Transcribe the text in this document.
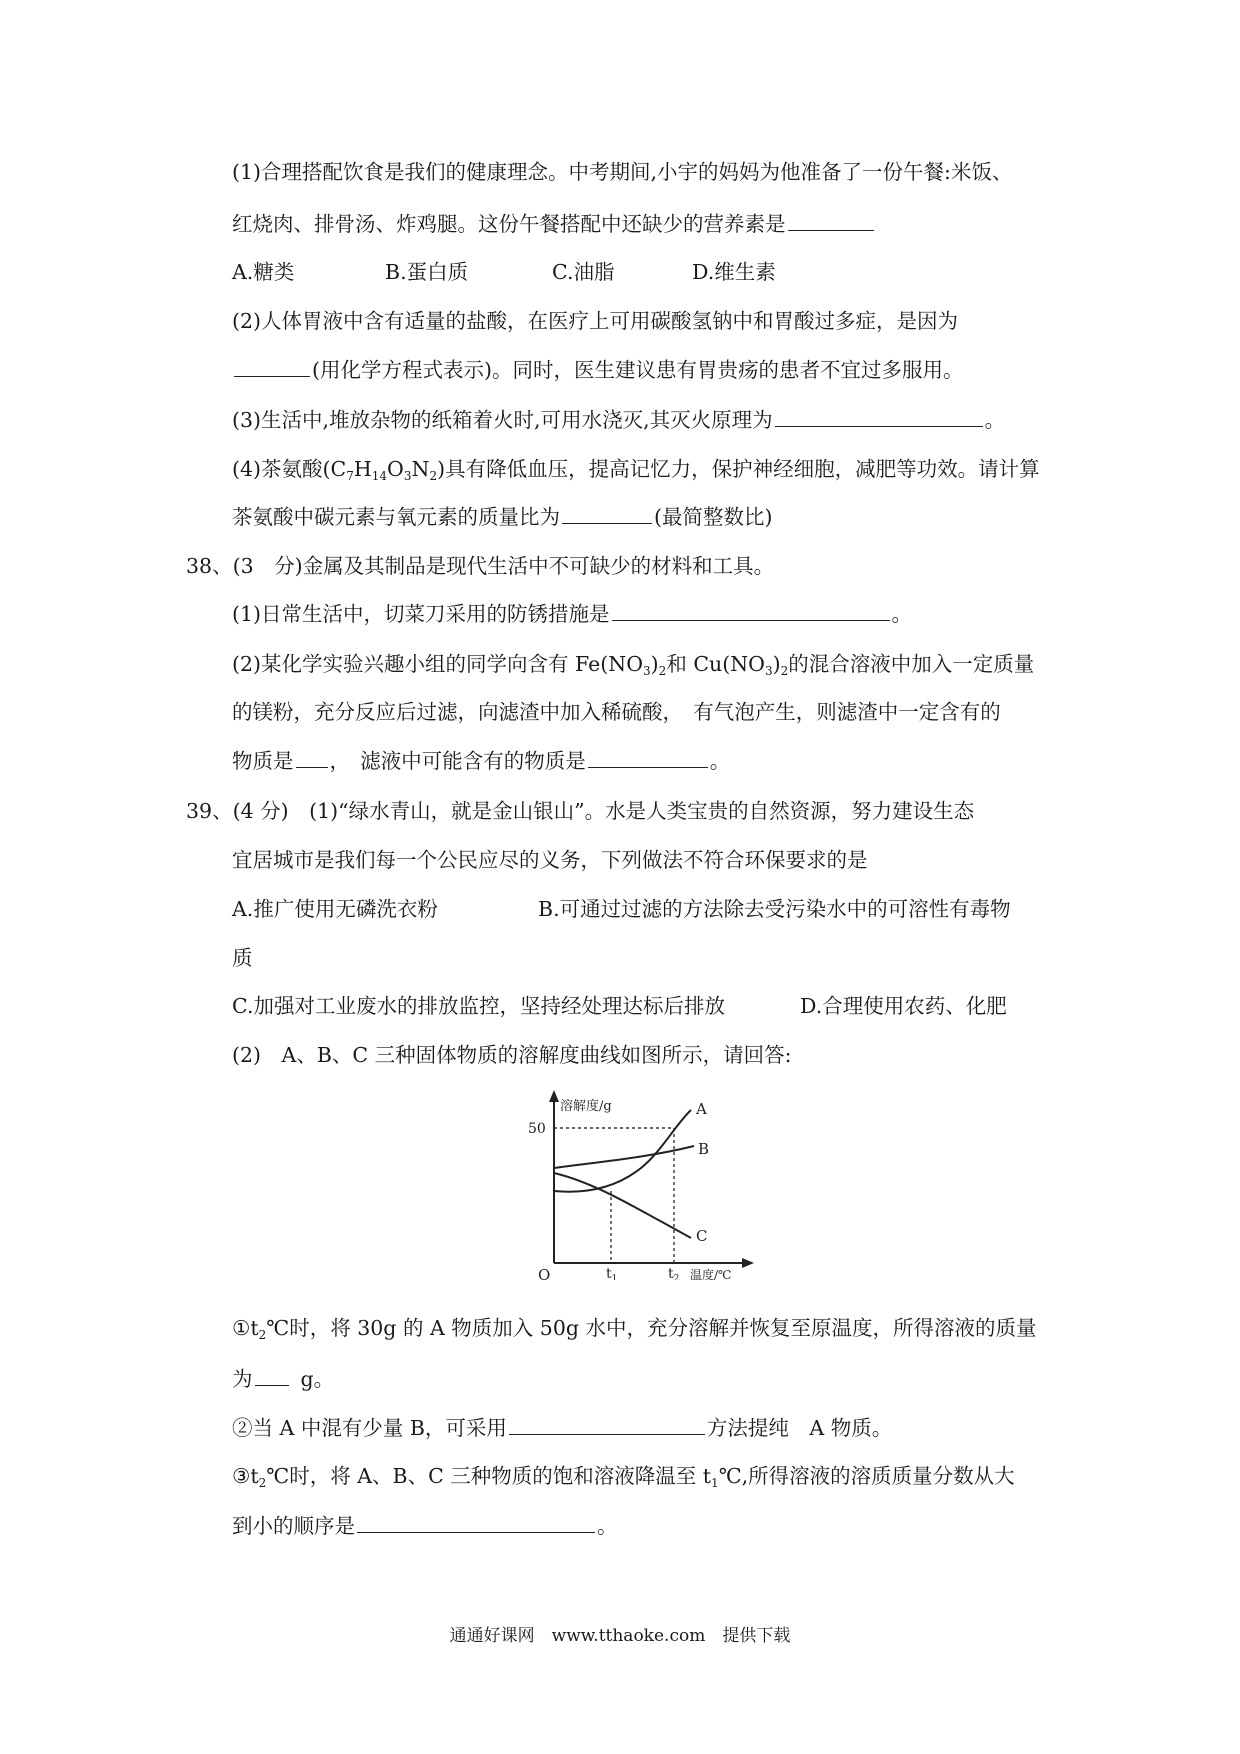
(1)合理搭配饮食是我们的健康理念。中考期间,小宇的妈妈为他准备了一份午餐:米饭、
红烧肉、排骨汤、炸鸡腿。这份午餐搭配中还缺少的营养素是
A.糖类	B.蛋白质	C.油脂	D.维生素
(2)人体胃液中含有适量的盐酸，在医疗上可用碳酸氢钠中和胃酸过多症，是因为
(用化学方程式表示)。同时，医生建议患有胃贵疡的患者不宜过多服用。
(3)生活中,堆放杂物的纸箱着火时,可用水浇灭,其灭火原理为	。
(4)茶氨酸$(C_7H_{14}O_3N_2)$具有降低血压，提高记忆力，保护神经细胞，减肥等功效。请计算
茶氨酸中碳元素与氧元素的质量比为	(最简整数比)
38、(3　分)金属及其制品是现代生活中不可缺少的材料和工具。
(1)日常生活中，切菜刀采用的防锈措施是	。
(2)某化学实验兴趣小组的同学向含有 $Fe(NO_3)_2$和 $Cu(NO_3)_2$的混合溶液中加入一定质量
的镁粉，充分反应后过滤，向滤渣中加入稀硫酸，　有气泡产生，则滤渣中一定含有的
物质是 ，　滤液中可能含有的物质是	。
39、(4 分)　(1)“绿水青山，就是金山银山”。水是人类宝贵的自然资源，努力建设生态
宜居城市是我们每一个公民应尽的义务，下列做法不符合环保要求的是
A.推广使用无磷洗衣粉	B.可通过过滤的方法除去受污染水中的可溶性有毒物
质
C.加强对工业废水的排放监控，坚持经处理达标后排放	D.合理使用农药、化肥
(2)　A、B、C 三种固体物质的溶解度曲线如图所示，请回答:
溶解度/g
50
O	$t_1$	$t_2$ 温度/℃
A
B
C
$①t_2℃$时，将 30g 的 A 物质加入 50g 水中，充分溶解并恢复至原温度，所得溶液的质量
为 g。
②当 A 中混有少量 B，可采用	方法提纯　A 物质。
$③t_2℃$时，将 A、B、C 三种物质的饱和溶液降温至 $t_1℃$,所得溶液的溶质质量分数从大
到小的顺序是	。
通通好课网　www.tthaoke.com　提供下载
